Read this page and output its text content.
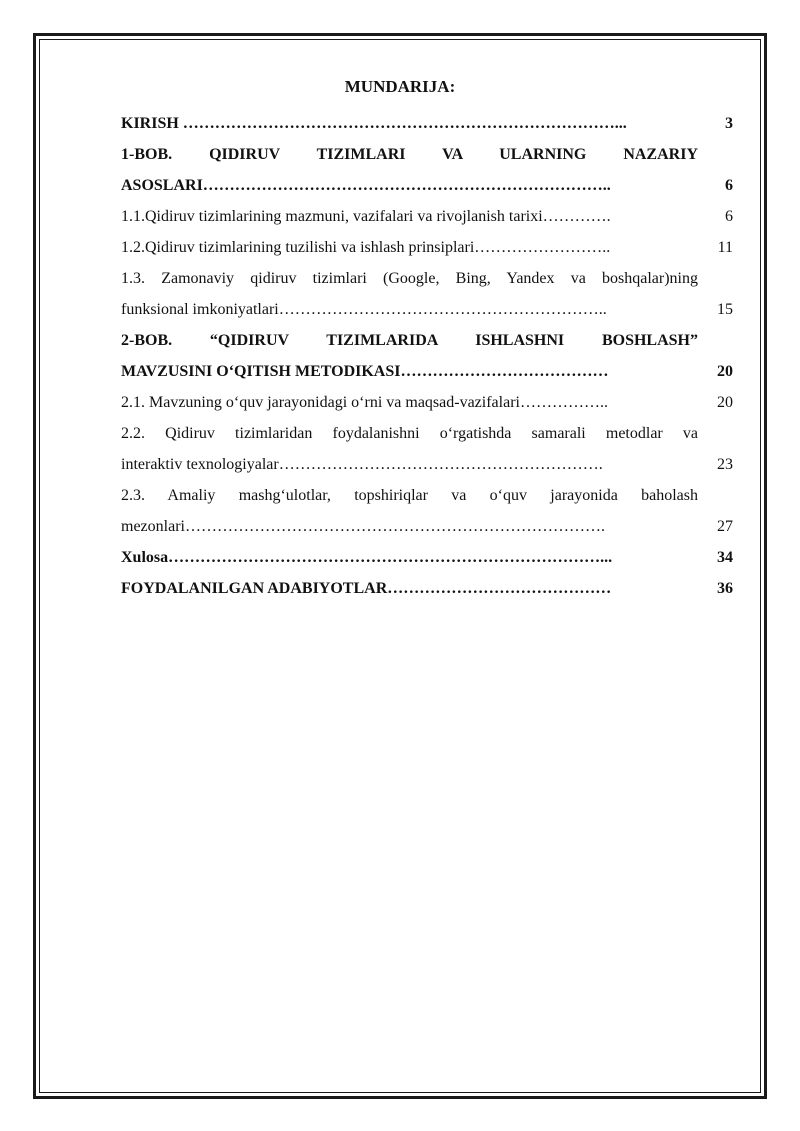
MUNDARIJA:
KIRISH ………………………………………………………………………...	3
1-BOB. QIDIRUV TIZIMLARI VA ULARNING NAZARIY
ASOSLARI…………………………………………………………………..	6
1.1.Qidiruv tizimlarining mazmuni, vazifalari va rivojlanish tarixi………….	6
1.2.Qidiruv tizimlarining tuzilishi va ishlash prinsiplari……………………..	11
1.3. Zamonaviy qidiruv tizimlari (Google, Bing, Yandex va boshqalar)ning
funksional imkoniyatlari……………………………………………………..	15
2-BOB. “QIDIRUV TIZIMLARIDA ISHLASHNI BOSHLASH”
MAVZUSINI O‘QITISH METODIKASI…………………………………	20
2.1. Mavzuning o‘quv jarayonidagi o‘rni va maqsad-vazifalari……………..	20
2.2. Qidiruv tizimlaridan foydalanishni o‘rgatishda samarali metodlar va
interaktiv texnologiyalar…………………………………………………….	23
2.3. Amaliy mashg‘ulotlar, topshiriqlar va o‘quv jarayonida baholash
mezonlari…………………………………………………………………….	27
Xulosa………………………………………………………………………...	34
FOYDALANILGAN ADABIYOTLAR……………………………………	36
